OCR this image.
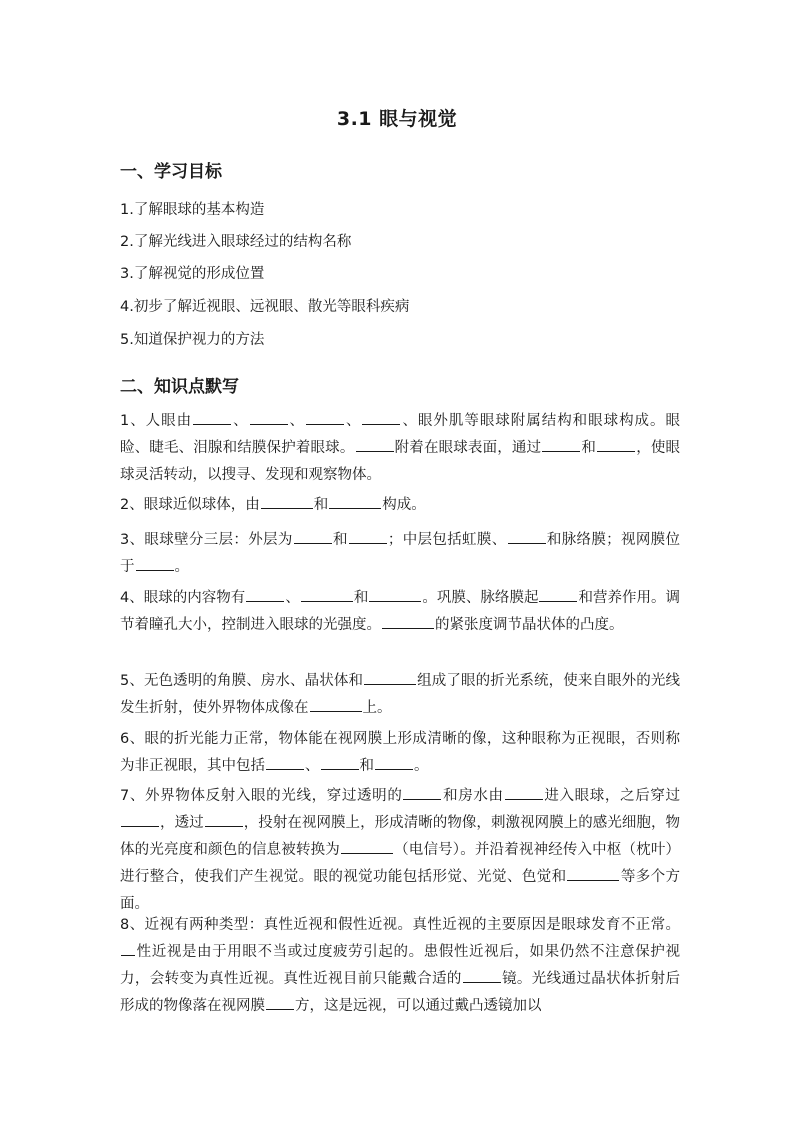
3.1 眼与视觉
一、学习目标
1.了解眼球的基本构造
2.了解光线进入眼球经过的结构名称
3.了解视觉的形成位置
4.初步了解近视眼、远视眼、散光等眼科疾病
5.知道保护视力的方法
二、知识点默写
1、人眼由	、	、	、	、眼外肌等眼球附属结构和眼球构成。眼睑、睫毛、泪腺和结膜保护着眼球。	附着在眼球表面，通过	和	，使眼球灵活转动，以搜寻、发现和观察物体。
2、眼球近似球体，由	和	构成。
3、眼球壁分三层：外层为	和	；中层包括虹膜、	和脉络膜；视网膜位于	。
4、眼球的内容物有	、	和	。巩膜、脉络膜起	和营养作用。调节着瞳孔大小，控制进入眼球的光强度。	的紧张度调节晶状体的凸度。
5、无色透明的角膜、房水、晶状体和	组成了眼的折光系统，使来自眼外的光线发生折射，使外界物体成像在	上。
6、眼的折光能力正常，物体能在视网膜上形成清晰的像，这种眼称为正视眼，否则称为非正视眼，其中包括	、	和	。
7、外界物体反射入眼的光线，穿过透明的	和房水由	进入眼球，之后穿过，透过	，投射在视网膜上，形成清晰的物像，刺激视网膜上的感光细胞，物体的光亮度和颜色的信息被转换为	（电信号）。并沿着视神经传入中枢（枕叶）进行整合，使我们产生视觉。眼的视觉功能包括形觉、光觉、色觉和	等多个方面。
8、近视有两种类型：真性近视和假性近视。真性近视的主要原因是眼球发育不正常。性近视是由于用眼不当或过度疲劳引起的。患假性近视后，如果仍然不注意保护视力，会转变为真性近视。真性近视目前只能戴合适的	镜。光线通过晶状体折射后形成的物像落在视网膜 方，这是远视，可以通过戴凸透镜加以
